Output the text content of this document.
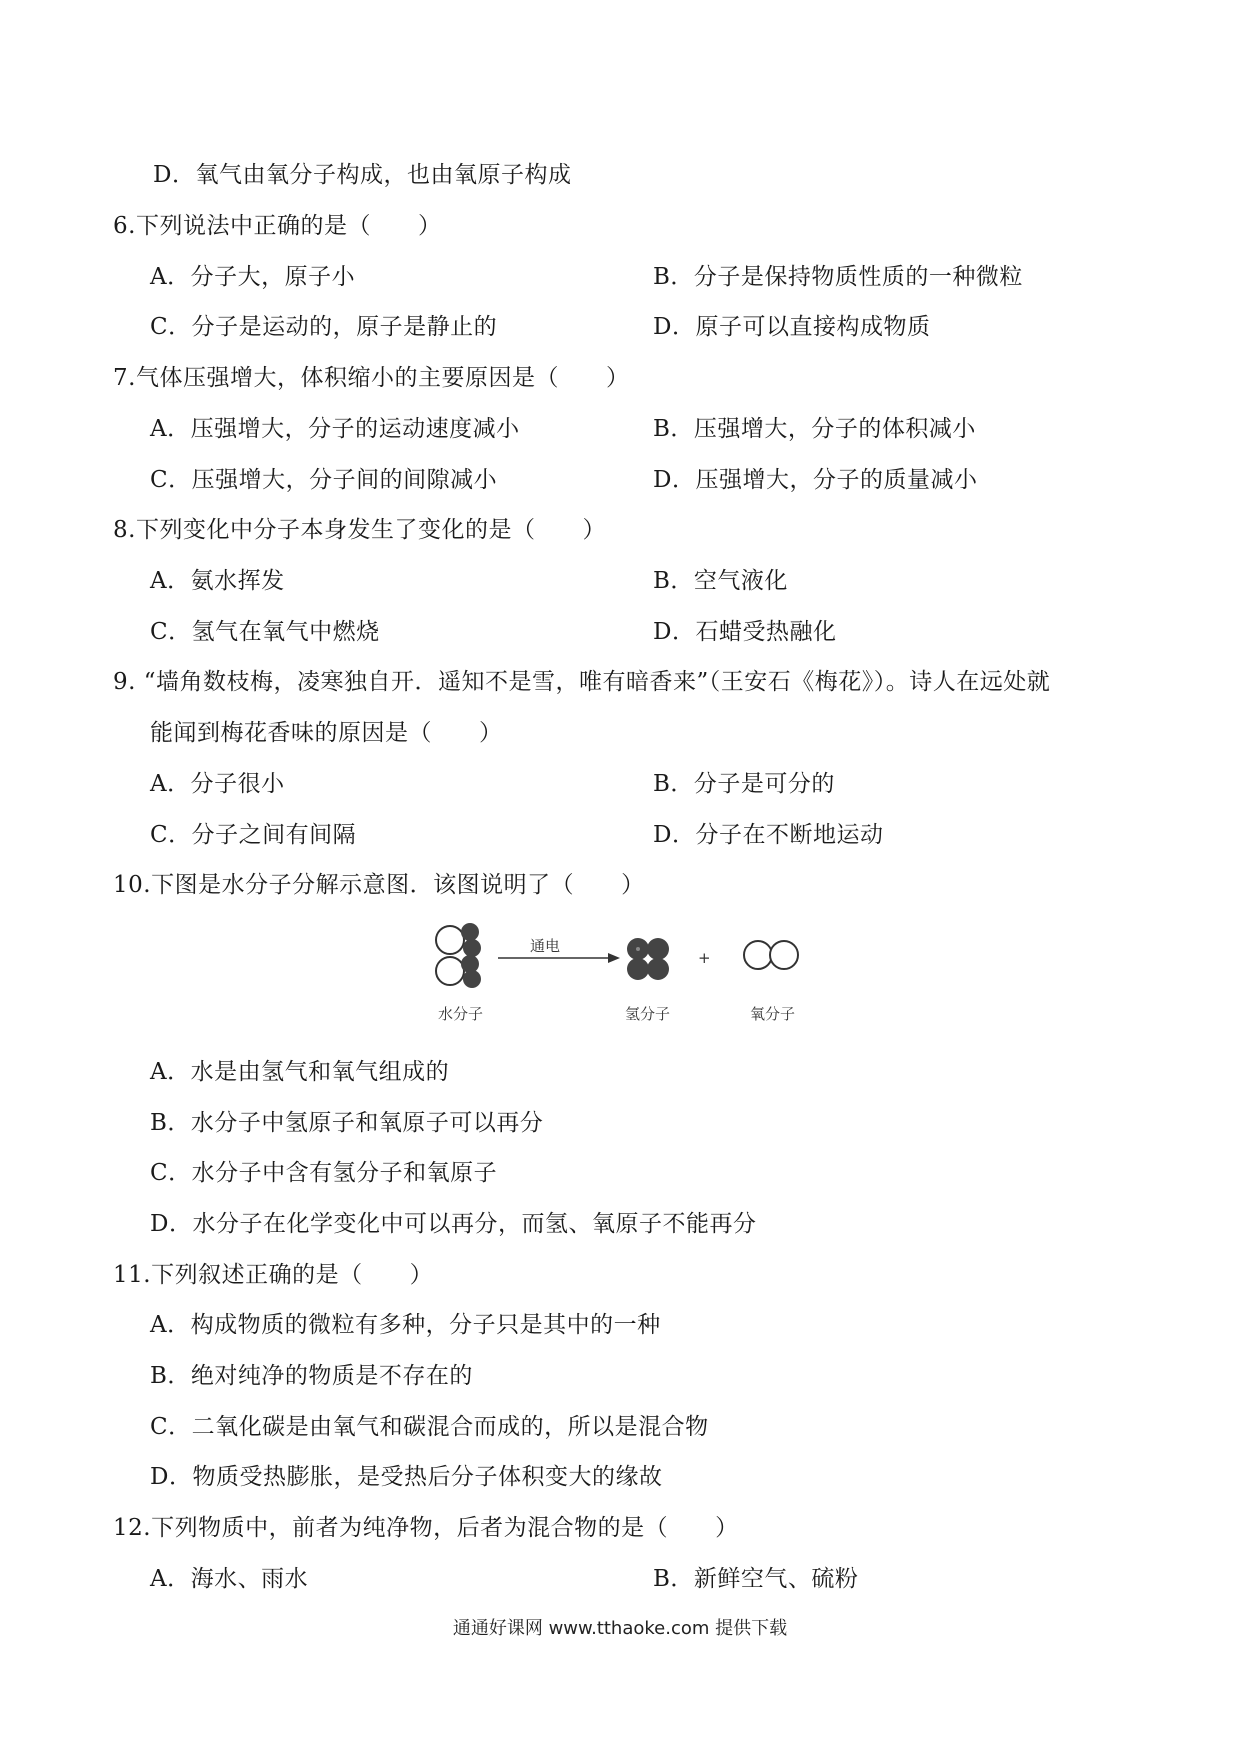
D．氧气由氧分子构成，也由氧原子构成
6.下列说法中正确的是（　　）
A．分子大，原子小	B．分子是保持物质性质的一种微粒
C．分子是运动的，原子是静止的	D．原子可以直接构成物质
7.气体压强增大，体积缩小的主要原因是（　　）
A．压强增大，分子的运动速度减小	B．压强增大，分子的体积减小
C．压强增大，分子间的间隙减小	D．压强增大，分子的质量减小
8.下列变化中分子本身发生了变化的是（　　）
A．氨水挥发	B．空气液化
C．氢气在氧气中燃烧	D．石蜡受热融化
9. “墙角数枝梅，凌寒独自开．遥知不是雪，唯有暗香来”（王安石《梅花》）。诗人在远处就
能闻到梅花香味的原因是（　　）
A．分子很小	B．分子是可分的
C．分子之间有间隔	D．分子在不断地运动
10.下图是水分子分解示意图．该图说明了（　　）
通电
+
水分子	氢分子	氧分子
A．水是由氢气和氧气组成的
B．水分子中氢原子和氧原子可以再分
C．水分子中含有氢分子和氧原子
D．水分子在化学变化中可以再分，而氢、氧原子不能再分
11.下列叙述正确的是（　　）
A．构成物质的微粒有多种，分子只是其中的一种
B．绝对纯净的物质是不存在的
C．二氧化碳是由氧气和碳混合而成的，所以是混合物
D．物质受热膨胀，是受热后分子体积变大的缘故
12.下列物质中，前者为纯净物，后者为混合物的是（　　）
A．海水、雨水	B．新鲜空气、硫粉
通通好课网 www.tthaoke.com 提供下载
